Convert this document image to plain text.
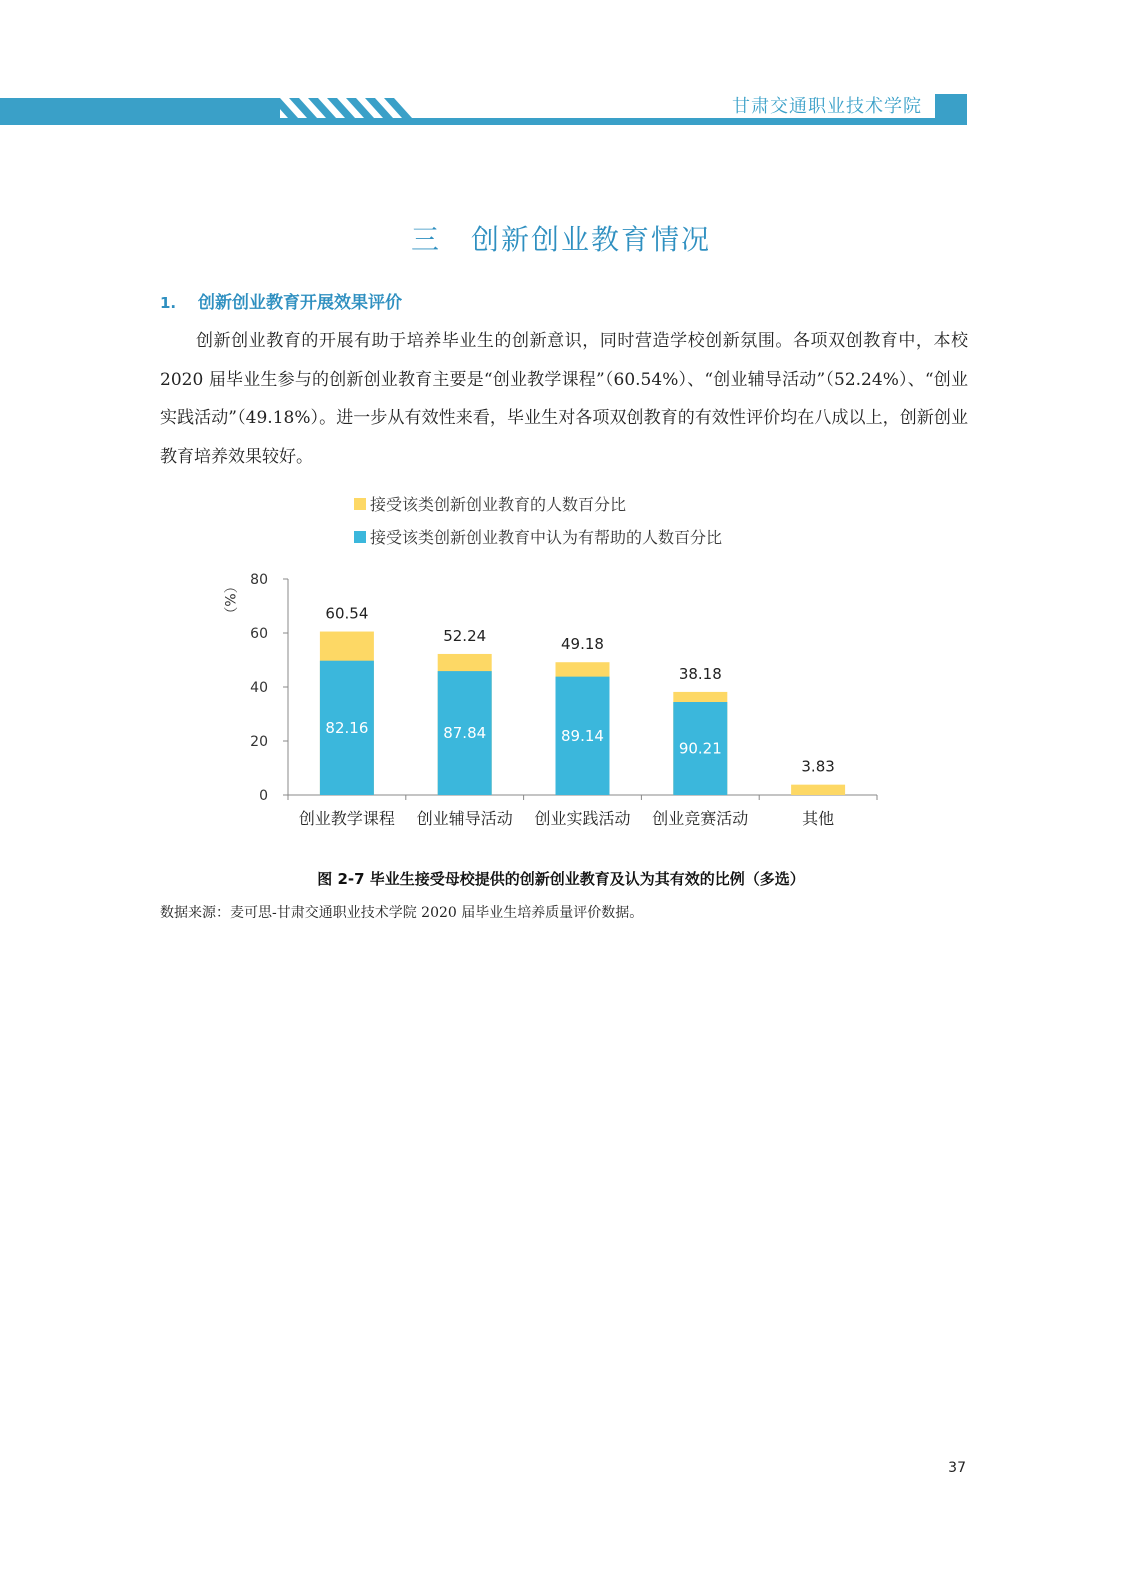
甘肃交通职业技术学院
三　创新创业教育情况
1. 创新创业教育开展效果评价
创新创业教育的开展有助于培养毕业生的创新意识，同时营造学校创新氛围。各项双创教育中，本校 2020 届毕业生参与的创新创业教育主要是“创业教学课程”（60.54%）、“创业辅导活动”（52.24%）、“创业实践活动”（49.18%）。进一步从有效性来看，毕业生对各项双创教育的有效性评价均在八成以上，创新创业教育培养效果较好。
接受该类创新创业教育的人数百分比
接受该类创新创业教育中认为有帮助的人数百分比
0
20
40
60
80
（%）
82.16
60.54
创业教学课程
87.84
52.24
创业辅导活动
89.14
49.18
创业实践活动
90.21
38.18
创业竞赛活动
3.83
其他
图 2-7 毕业生接受母校提供的创新创业教育及认为其有效的比例（多选）
数据来源：麦可思-甘肃交通职业技术学院 2020 届毕业生培养质量评价数据。
37
